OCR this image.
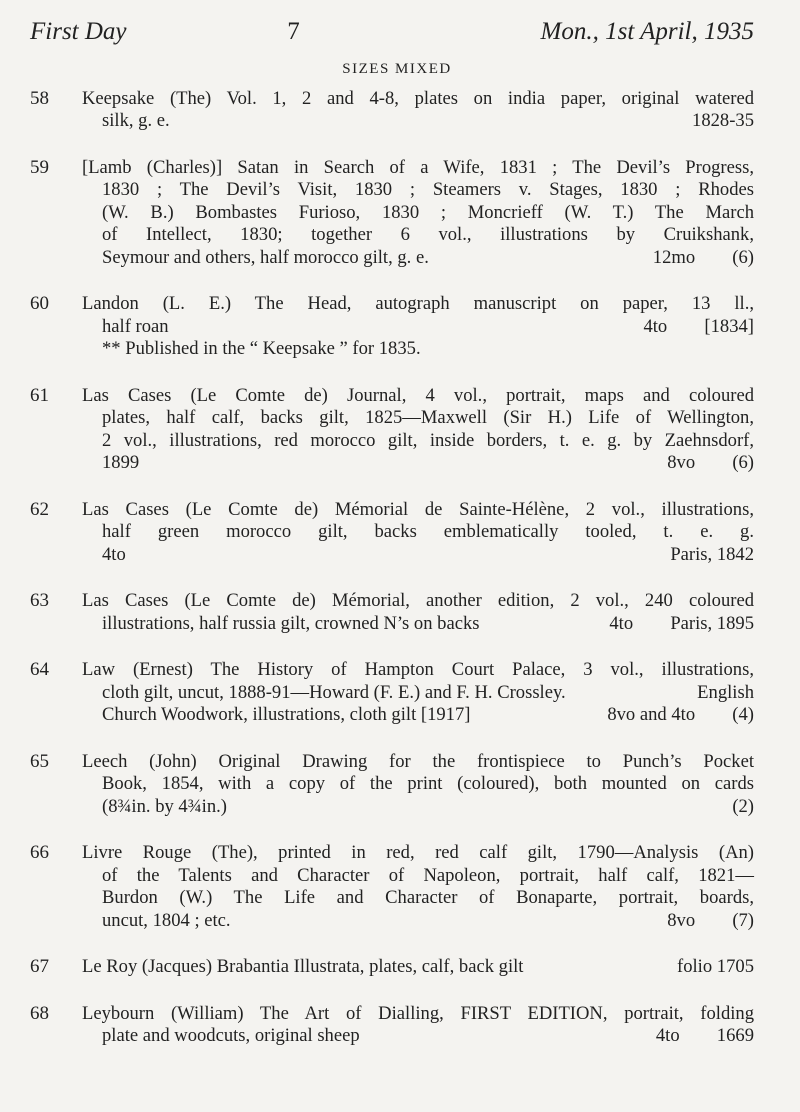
First Day	7	Mon., 1st April, 1935
SIZES MIXED
58	Keepsake (The) Vol. 1, 2 and 4-8, plates on india paper, original watered
silk, g. e.	1828-35
59	[Lamb (Charles)] Satan in Search of a Wife, 1831 ; The Devil’s Progress,
1830 ; The Devil’s Visit, 1830 ; Steamers v. Stages, 1830 ; Rhodes
(W. B.) Bombastes Furioso, 1830 ; Moncrieff (W. T.) The March
of Intellect, 1830; together 6 vol., illustrations by Cruikshank,
Seymour and others, half morocco gilt, g. e.	12mo  (6)
60	Landon (L. E.) The Head, autograph manuscript on paper, 13 ll.,
half roan	4to  [1834]
** Published in the “ Keepsake ” for 1835.
61	Las Cases (Le Comte de) Journal, 4 vol., portrait, maps and coloured
plates, half calf, backs gilt, 1825—Maxwell (Sir H.) Life of Wellington,
2 vol., illustrations, red morocco gilt, inside borders, t. e. g. by Zaehnsdorf,
1899	8vo  (6)
62	Las Cases (Le Comte de) Mémorial de Sainte-Hélène, 2 vol., illustrations,
half green morocco gilt, backs emblematically tooled, t. e. g.
4to	Paris, 1842
63	Las Cases (Le Comte de) Mémorial, another edition, 2 vol., 240 coloured
illustrations, half russia gilt, crowned N’s on backs	4to  Paris, 1895
64	Law (Ernest) The History of Hampton Court Palace, 3 vol., illustrations,
cloth gilt, uncut, 1888-91—Howard (F. E.) and F. H. Crossley.	English
Church Woodwork, illustrations, cloth gilt [1917]	8vo and 4to  (4)
65	Leech (John) Original Drawing for the frontispiece to Punch’s Pocket
Book, 1854, with a copy of the print (coloured), both mounted on cards
(8¾in. by 4¾in.)	(2)
66	Livre Rouge (The), printed in red, red calf gilt, 1790—Analysis (An)
of the Talents and Character of Napoleon, portrait, half calf, 1821—
Burdon (W.) The Life and Character of Bonaparte, portrait, boards,
uncut, 1804 ; etc.	8vo  (7)
67	Le Roy (Jacques) Brabantia Illustrata, plates, calf, back gilt	folio 1705
68	Leybourn (William) The Art of Dialling, FIRST EDITION, portrait, folding
plate and woodcuts, original sheep	4to  1669
